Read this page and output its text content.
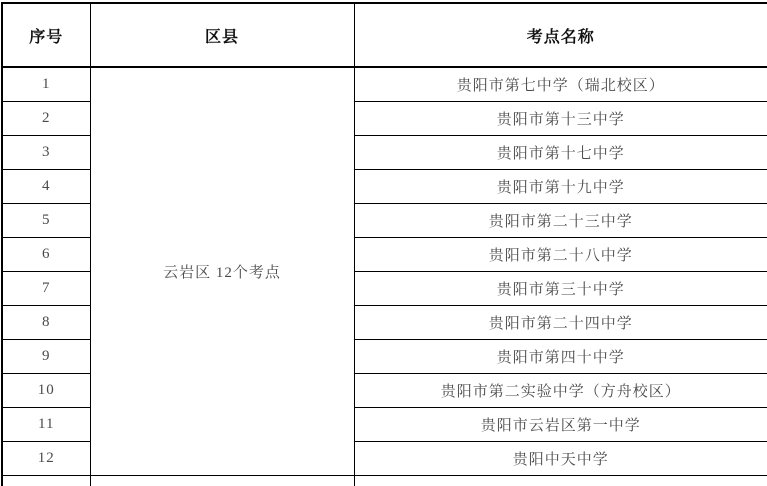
序号	区县	考点名称
1	云岩区 12个考点	贵阳市第七中学（瑞北校区）
2		贵阳市第十三中学
3		贵阳市第十七中学
4		贵阳市第十九中学
5		贵阳市第二十三中学
6		贵阳市第二十八中学
7		贵阳市第三十中学
8		贵阳市第二十四中学
9		贵阳市第四十中学
10		贵阳市第二实验中学（方舟校区）
11		贵阳市云岩区第一中学
12		贵阳中天中学
